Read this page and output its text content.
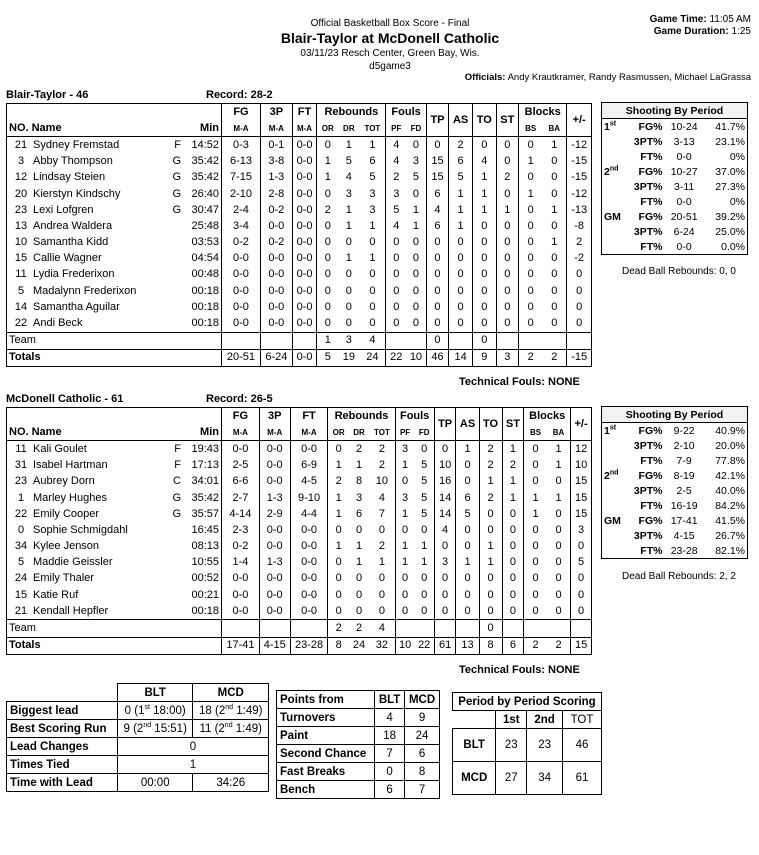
Official Basketball Box Score - Final
Blair-Taylor at McDonell Catholic
03/11/23 Resch Center, Green Bay, Wis.
d5game3
Game Time: 11:05 AM
Game Duration: 1:25
Officials: Andy Krautkramer, Randy Rasmussen, Michael LaGrassa
Blair-Taylor - 46	Record: 28-2
NO. Name	Min	FG	3P	FT	Rebounds			Fouls		TP	AS	TO	ST	Blocks		+/-
		M-A	M-A	M-A	OR	DR	TOT	PF	FD					BS	BA	
21 Sydney Fremstad F	14:52	0-3	0-1	0-0	0	1	1	4	0	0	2	0	0	0	1	-12
3 Abby Thompson G	35:42	6-13	3-8	0-0	1	5	6	4	3	15	6	4	0	1	0	-15
12 Lindsay Steien G	35:42	7-15	1-3	0-0	1	4	5	2	5	15	5	1	2	0	0	-15
20 Kierstyn Kindschy G	26:40	2-10	2-8	0-0	0	3	3	3	0	6	1	1	0	1	0	-12
23 Lexi Lofgren G	30:47	2-4	0-2	0-0	2	1	3	5	1	4	1	1	1	0	1	-13
13 Andrea Waldera	25:48	3-4	0-0	0-0	0	1	1	4	1	6	1	0	0	0	0	-8
10 Samantha Kidd	03:53	0-2	0-2	0-0	0	0	0	0	0	0	0	0	0	0	1	2
15 Callie Wagner	04:54	0-0	0-0	0-0	0	1	1	0	0	0	0	0	0	0	0	-2
11 Lydia Frederixon	00:48	0-0	0-0	0-0	0	0	0	0	0	0	0	0	0	0	0	0
5 Madalynn Frederixon	00:18	0-0	0-0	0-0	0	0	0	0	0	0	0	0	0	0	0	0
14 Samantha Aguilar	00:18	0-0	0-0	0-0	0	0	0	0	0	0	0	0	0	0	0	0
22 Andi Beck	00:18	0-0	0-0	0-0	0	0	0	0	0	0	0	0	0	0	0	0
Team					1	3	4			0		0				
Totals		20-51	6-24	0-0	5	19	24	22	10	46	14	9	3	2	2	-15
Technical Fouls: NONE
Shooting By Period			
1st	FG%	10-24	41.7%
	3PT%	3-13	23.1%
	FT%	0-0	0%
2nd	FG%	10-27	37.0%
	3PT%	3-11	27.3%
	FT%	0-0	0%
GM	FG%	20-51	39.2%
	3PT%	6-24	25.0%
	FT%	0-0	0.0%
Dead Ball Rebounds: 0, 0
McDonell Catholic - 61	Record: 26-5
NO. Name	Min	FG	3P	FT	Rebounds			Fouls		TP	AS	TO	ST	Blocks		+/-
		M-A	M-A	M-A	OR	DR	TOT	PF	FD					BS	BA	
11 Kali Goulet F	19:43	0-0	0-0	0-0	0	2	2	3	0	0	1	2	1	0	1	12
31 Isabel Hartman F	17:13	2-5	0-0	6-9	1	1	2	1	5	10	0	2	2	0	1	10
23 Aubrey Dorn C	34:01	6-6	0-0	4-5	2	8	10	0	5	16	0	1	1	0	0	15
1 Marley Hughes G	35:42	2-7	1-3	9-10	1	3	4	3	5	14	6	2	1	1	1	15
22 Emily Cooper G	35:57	4-14	2-9	4-4	1	6	7	1	5	14	5	0	0	1	0	15
0 Sophie Schmigdahl	16:45	2-3	0-0	0-0	0	0	0	0	0	4	0	0	0	0	0	3
34 Kylee Jenson	08:13	0-2	0-0	0-0	1	1	2	1	1	0	0	1	0	0	0	0
5 Maddie Geissler	10:55	1-4	1-3	0-0	0	1	1	1	1	3	1	1	0	0	0	5
24 Emily Thaler	00:52	0-0	0-0	0-0	0	0	0	0	0	0	0	0	0	0	0	0
15 Katie Ruf	00:21	0-0	0-0	0-0	0	0	0	0	0	0	0	0	0	0	0	0
21 Kendall Hepfler	00:18	0-0	0-0	0-0	0	0	0	0	0	0	0	0	0	0	0	0
Team					2	2	4					0				
Totals		17-41	4-15	23-28	8	24	32	10	22	61	13	8	6	2	2	15
Technical Fouls: NONE
Shooting By Period			
1st	FG%	9-22	40.9%
	3PT%	2-10	20.0%
	FT%	7-9	77.8%
2nd	FG%	8-19	42.1%
	3PT%	2-5	40.0%
	FT%	16-19	84.2%
GM	FG%	17-41	41.5%
	3PT%	4-15	26.7%
	FT%	23-28	82.1%
Dead Ball Rebounds: 2, 2
	BLT	MCD
Biggest lead	0 (1st 18:00)	18 (2nd 1:49)
Best Scoring Run	9 (2nd 15:51)	11 (2nd 1:49)
Lead Changes	0	
Times Tied	1	
Time with Lead	00:00	34:26
Points from	BLT	MCD
Turnovers	4	9
Paint	18	24
Second Chance	7	6
Fast Breaks	0	8
Bench	6	7
Period by Period Scoring			
	1st	2nd	TOT
BLT	23	23	46
MCD	27	34	61
